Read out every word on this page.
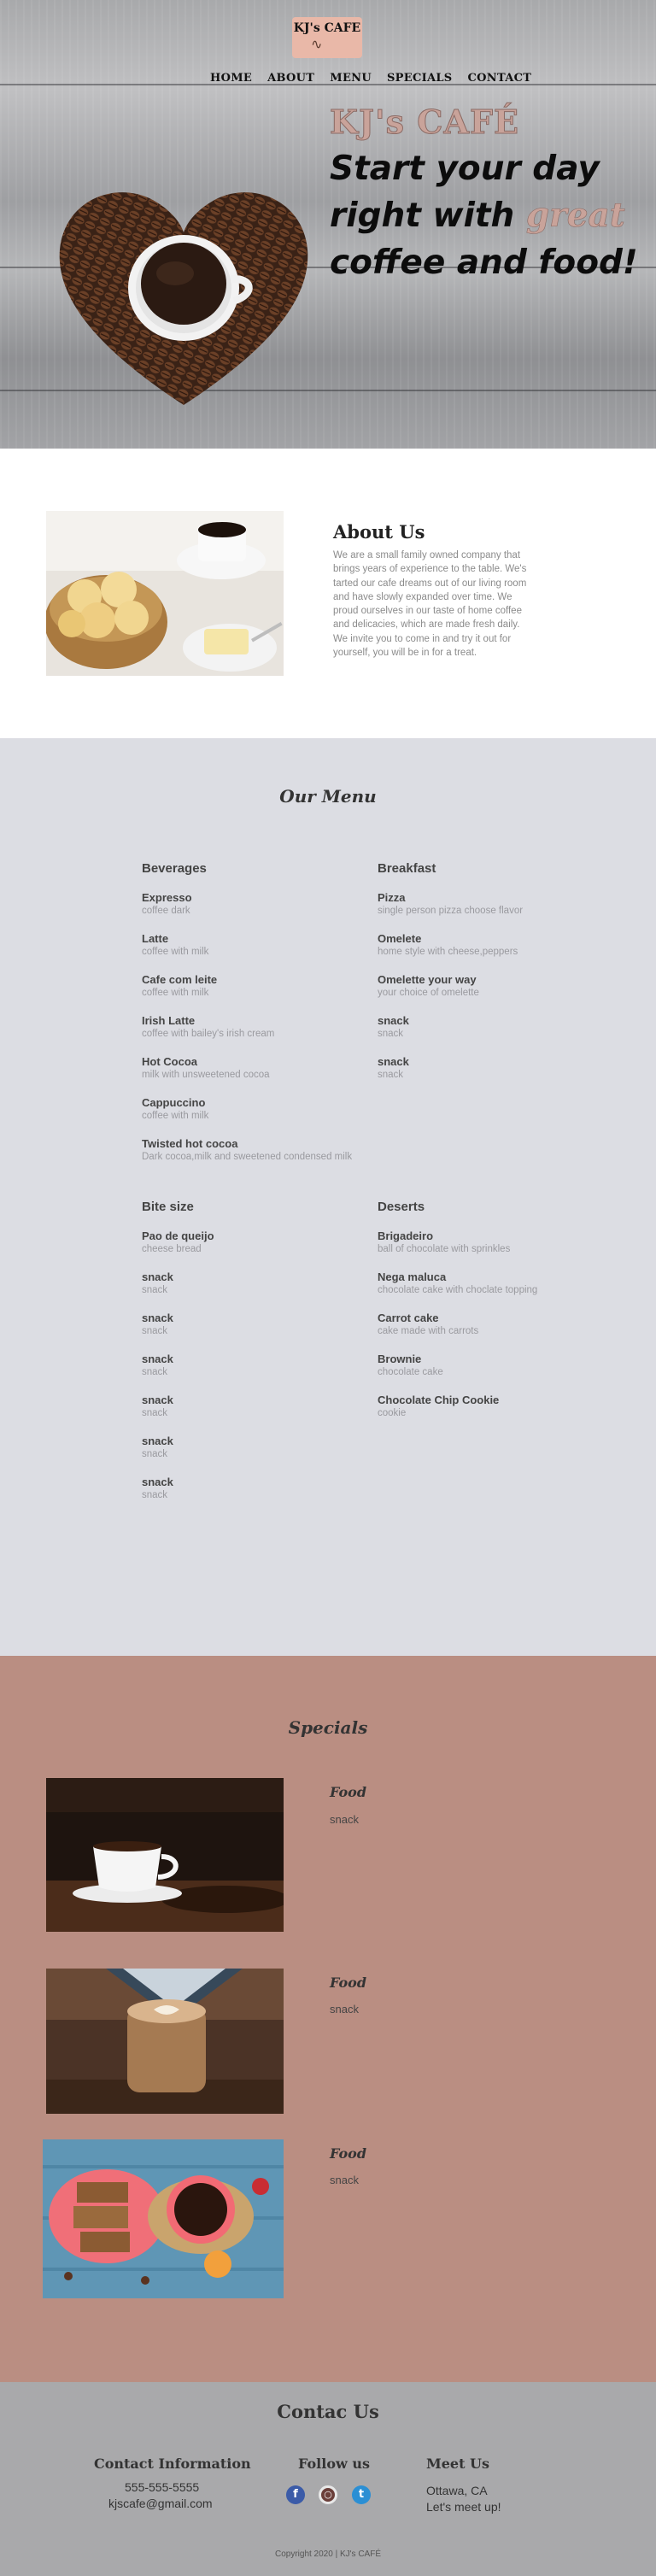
KJ's CAFE
∿
HOME ABOUT MENU SPECIALS CONTACT
KJ's CAFÉ
Start your day
right with great
coffee and food!
About Us

We are a small family owned company that brings years of experience to the table. We's tarted our cafe dreams out of our living room and have slowly expanded over time. We proud ourselves in our taste of home coffee and delicacies, which are made fresh daily. We invite you to come in and try it out for yourself, you will be in for a treat.

Our Menu
Beverages
Expresso
coffee dark
Latte
coffee with milk
Cafe com leite
coffee with milk
Irish Latte
coffee with bailey's irish cream
Hot Cocoa
milk with unsweetened cocoa
Cappuccino
coffee with milk
Twisted hot cocoa
Dark cocoa,milk and sweetened condensed milk
Breakfast
Pizza
single person pizza choose flavor
Omelete
home style with cheese,peppers
Omelette your way
your choice of omelette
snack
snack
snack
snack
Bite size
Pao de queijo
cheese bread
snack
snack
snack
snack
snack
snack
snack
snack
snack
snack
snack
snack
Deserts
Brigadeiro
ball of chocolate with sprinkles
Nega maluca
chocolate cake with choclate topping
Carrot cake
cake made with carrots
Brownie
chocolate cake
Chocolate Chip Cookie
cookie
Specials
Food
snack
Food
snack
Food
snack
Contac Us
Contact Information
555-555-5555
kjscafe@gmail.com
Follow us
f	○	t
Meet Us
Ottawa, CA
Let's meet up!
Copyright 2020 | KJ's CAFÉ
